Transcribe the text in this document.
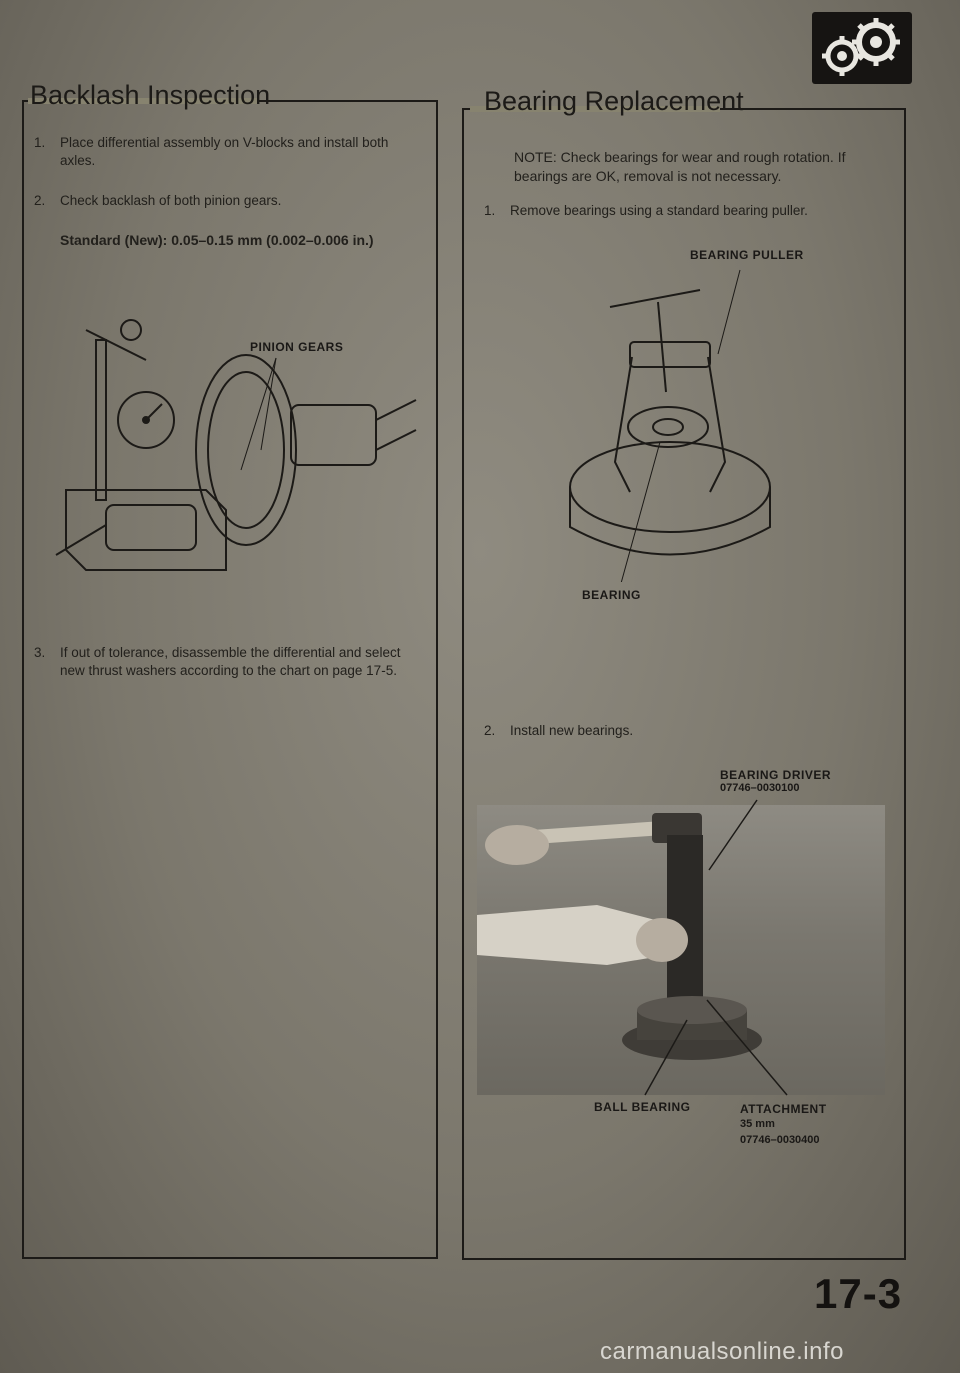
Backlash Inspection
1. Place differential assembly on V-blocks and install both axles.
2. Check backlash of both pinion gears.
Standard (New): 0.05–0.15 mm (0.002–0.006 in.)
PINION GEARS
3. If out of tolerance, disassemble the differential and select new thrust washers according to the chart on page 17-5.
Bearing Replacement
NOTE: Check bearings for wear and rough rotation. If bearings are OK, removal is not necessary.
1. Remove bearings using a standard bearing puller.
BEARING PULLER
BEARING
2. Install new bearings.
BEARING DRIVER
07746–0030100
BALL BEARING	ATTACHMENT
35 mm
07746–0030400
17-3
carmanualsonline.info
